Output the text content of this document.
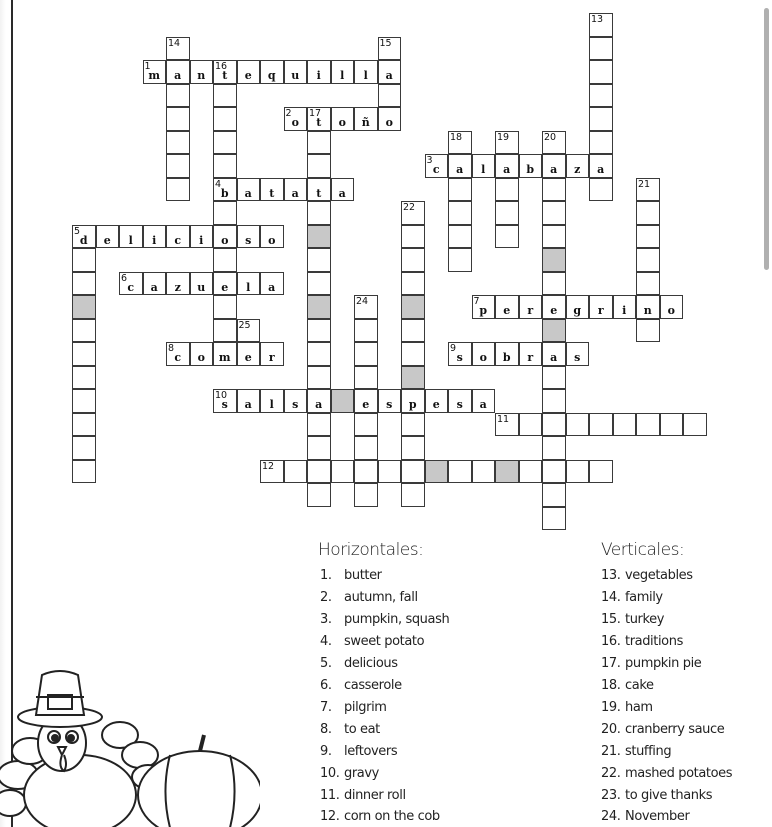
1
m	a	n
16
t	e	q	u	i	l	l	a
2
o
17
t	o	ñ	o
3
c	a	l	a	b	a	z	a
4
b	a	t	a	t	a
5
d	e	l	i	c	i	o	s	o
6
c	a	z	u	e	l	a
7
p	e	r	e	g	r	i	n	o
8
c	o	m	e	r
9
s	o	b	r	a	s
10
s	a	l	s	a	e	s	p	e	s	a
11
12
13
14	15
18	19	20
21
22
24
25
Horizontales:	Verticales:
1. butter
2. autumn, fall
3. pumpkin, squash
4. sweet potato
5. delicious
6. casserole
7. pilgrim
8. to eat
9. leftovers
10. gravy
11. dinner roll
12. corn on the cob
13. vegetables
14. family
15. turkey
16. traditions
17. pumpkin pie
18. cake
19. ham
20. cranberry sauce
21. stuffing
22. mashed potatoes
23. to give thanks
24. November
